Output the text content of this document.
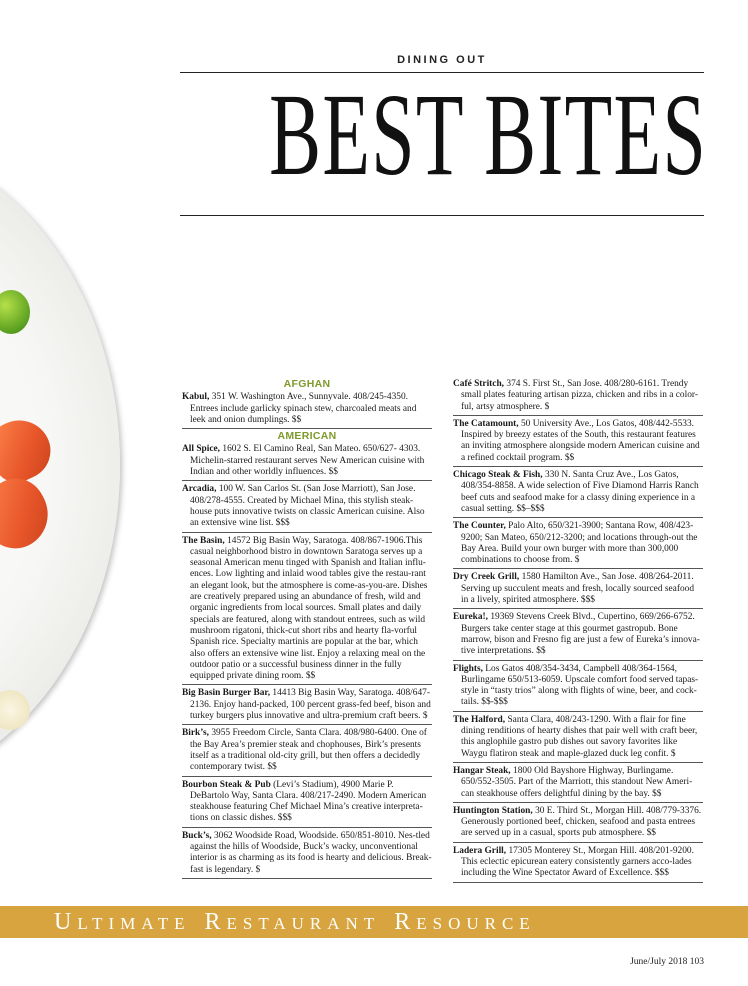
DINING OUT
BEST BITES
AFGHAN

Kabul, 351 W. Washington Ave., Sunnyvale. 408/245-4350. Entrees include garlicky spinach stew, charcoaled meats and leek and onion dumplings. $$

AMERICAN

All Spice, 1602 S. El Camino Real, San Mateo. 650/627- 4303. Michelin-starred restaurant serves New American cuisine with Indian and other worldly influences. $$

Arcadia, 100 W. San Carlos St. (San Jose Marriott), San Jose. 408/278-4555. Created by Michael Mina, this stylish steak-house puts innovative twists on classic American cuisine. Also an extensive wine list. $$$

The Basin, 14572 Big Basin Way, Saratoga. 408/867-1906.This casual neighborhood bistro in downtown Saratoga serves up a seasonal American menu tinged with Spanish and Italian influ-ences. Low lighting and inlaid wood tables give the restau-rant an elegant look, but the atmosphere is come-as-you-are. Dishes are creatively prepared using an abundance of fresh, wild and organic ingredients from local sources. Small plates and daily specials are featured, along with standout entrees, such as wild mushroom rigatoni, thick-cut short ribs and hearty fla-vorful Spanish rice. Specialty martinis are popular at the bar, which also offers an extensive wine list. Enjoy a relaxing meal on the outdoor patio or a successful business dinner in the fully equipped private dining room. $$

Big Basin Burger Bar, 14413 Big Basin Way, Saratoga. 408/647-2136. Enjoy hand-packed, 100 percent grass-fed beef, bison and turkey burgers plus innovative and ultra-premium craft beers. $

Birk’s, 3955 Freedom Circle, Santa Clara. 408/980-6400. One of the Bay Area’s premier steak and chophouses, Birk’s presents itself as a traditional old-city grill, but then offers a decidedly contemporary twist. $$

Bourbon Steak & Pub (Levi’s Stadium), 4900 Marie P. DeBartolo Way, Santa Clara. 408/217-2490. Modern American steakhouse featuring Chef Michael Mina’s creative interpreta-tions on classic dishes. $$$

Buck’s, 3062 Woodside Road, Woodside. 650/851-8010. Nes-tled against the hills of Woodside, Buck’s wacky, unconventional interior is as charming as its food is hearty and delicious. Break-fast is legendary. $

Café Stritch, 374 S. First St., San Jose. 408/280-6161. Trendy small plates featuring artisan pizza, chicken and ribs in a color-ful, artsy atmosphere. $

The Catamount, 50 University Ave., Los Gatos, 408/442-5533. Inspired by breezy estates of the South, this restaurant features an inviting atmosphere alongside modern American cuisine and a refined cocktail program. $$

Chicago Steak & Fish, 330 N. Santa Cruz Ave., Los Gatos, 408/354-8858. A wide selection of Five Diamond Harris Ranch beef cuts and seafood make for a classy dining experience in a casual setting. $$–$$$

The Counter, Palo Alto, 650/321-3900; Santana Row, 408/423-9200; San Mateo, 650/212-3200; and locations through-out the Bay Area. Build your own burger with more than 300,000 combinations to choose from. $

Dry Creek Grill, 1580 Hamilton Ave., San Jose. 408/264-2011. Serving up succulent meats and fresh, locally sourced seafood in a lively, spirited atmosphere. $$$

Eureka!, 19369 Stevens Creek Blvd., Cupertino, 669/266-6752. Burgers take center stage at this gourmet gastropub. Bone marrow, bison and Fresno fig are just a few of Eureka’s innova-tive interpretations. $$

Flights, Los Gatos 408/354-3434, Campbell 408/364-1564, Burlingame 650/513-6059. Upscale comfort food served tapas-style in “tasty trios” along with flights of wine, beer, and cock-tails. $$-$$$

The Halford, Santa Clara, 408/243-1290. With a flair for fine dining renditions of hearty dishes that pair well with craft beer, this anglophile gastro pub dishes out savory favorites like Waygu flatiron steak and maple-glazed duck leg confit. $

Hangar Steak, 1800 Old Bayshore Highway, Burlingame. 650/552-3505. Part of the Marriott, this standout New Ameri-can steakhouse offers delightful dining by the bay. $$

Huntington Station, 30 E. Third St., Morgan Hill. 408/779-3376. Generously portioned beef, chicken, seafood and pasta entrees are served up in a casual, sports pub atmosphere. $$

Ladera Grill, 17305 Monterey St., Morgan Hill. 408/201-9200. This eclectic epicurean eatery consistently garners acco-lades including the Wine Spectator Award of Excellence. $$$

ULTIMATE RESTAURANT RESOURCE
June/July 2018 103
